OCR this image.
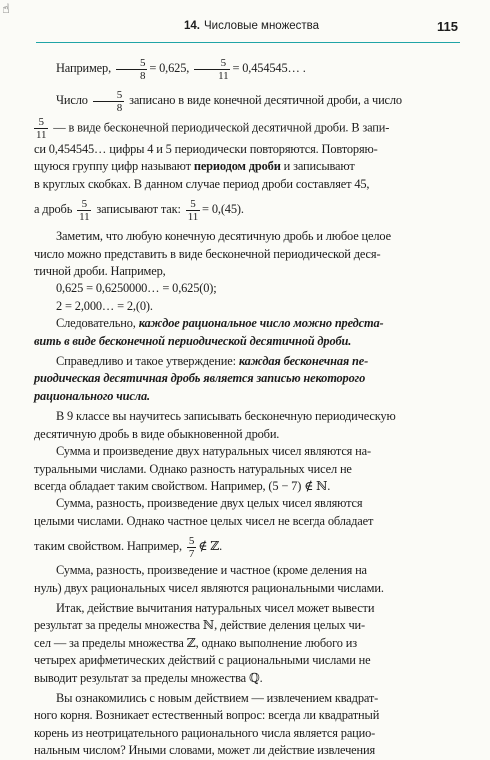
☝
14. Числовые множества	115

Например, $\frac{5}{8} = 0,625$, $\frac{5}{11}$ = 0,454545… .

Число $\frac{5}{8}$ записано в виде конечной десятичной дроби, а число

$\frac{5}{11}$ — в виде бесконечной периодической десятичной дроби. В запи-
си 0,454545… цифры 4 и 5 периодически повторяются. Повторяю-
щуюся группу цифр называют периодом дроби и записывают
в круглых скобках. В данном случае период дроби составляет 45,

а дробь $\frac{5}{11}$ записывают так: $\frac{5}{11} = 0,(45)$.

Заметим, что любую конечную десятичную дробь и любое целое
число можно представить в виде бесконечной периодической деся-
тичной дроби. Например,

0,625 = 0,6250000… = 0,625(0);

2 = 2,000… = 2,(0).

Следовательно, каждое рациональное число можно предста-
вить в виде бесконечной периодической десятичной дроби.

Справедливо и такое утверждение: каждая бесконечная пе-
риодическая десятичная дробь является записью некоторого
рационального числа.

В 9 классе вы научитесь записывать бесконечную периодическую
десятичную дробь в виде обыкновенной дроби.

Сумма и произведение двух натуральных чисел являются на-
туральными числами. Однако разность натуральных чисел не
всегда обладает таким свойством. Например, (5 − 7) ∉ ℕ.

Сумма, разность, произведение двух целых чисел являются
целыми числами. Однако частное целых чисел не всегда обладает

таким свойством. Например, $\frac{5}{7}$ ∉ ℤ.

Сумма, разность, произведение и частное (кроме деления на
нуль) двух рациональных чисел являются рациональными числами.

Итак, действие вычитания натуральных чисел может вывести
результат за пределы множества ℕ, действие деления целых чи-
сел — за пределы множества ℤ, однако выполнение любого из
четырех арифметических действий с рациональными числами не
выводит результат за пределы множества ℚ.

Вы ознакомились с новым действием — извлечением квадрат-
ного корня. Возникает естественный вопрос: всегда ли квадратный
корень из неотрицательного рационального числа является рацио-
нальным числом? Иными словами, может ли действие извлечения
